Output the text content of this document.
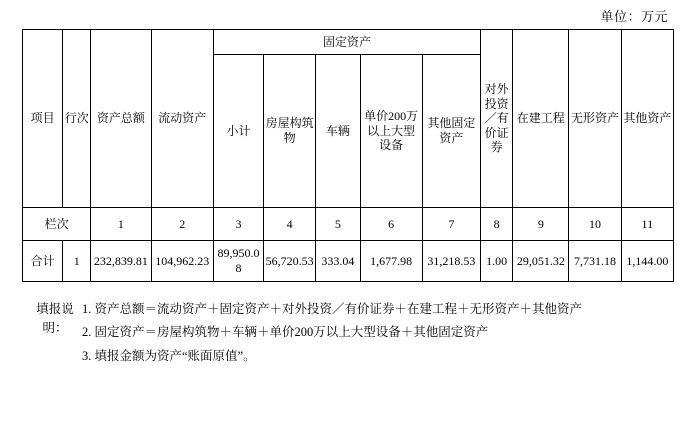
单位：万元
项目	行次	资产总额	流动资产	固定资产					对外投资／有价证券	在建工程	无形资产	其他资产
				小计	房屋构筑物	车辆	单价200万以上大型设备	其他固定资产				
栏次		1	2	3	4	5	6	7	8	9	10	11
合计	1	232,839.81	104,962.23	89,950.08	56,720.53	333.04	1,677.98	31,218.53	1.00	29,051.32	7,731.18	1,144.00
填报说明：

1. 资产总额＝流动资产＋固定资产＋对外投资／有价证券＋在建工程＋无形资产＋其他资产

2. 固定资产＝房屋构筑物＋车辆＋单价200万以上大型设备＋其他固定资产

3. 填报金额为资产“账面原值”。
